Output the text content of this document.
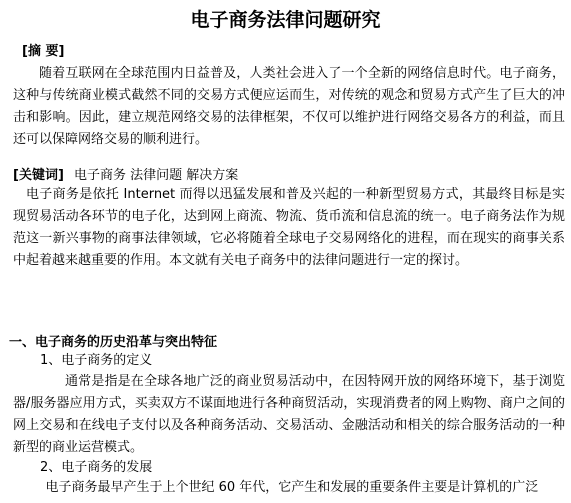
电子商务法律问题研究
[摘 要]
随着互联网在全球范围内日益普及，人类社会进入了一个全新的网络信息时代。电子商务，这种与传统商业模式截然不同的交易方式便应运而生，对传统的观念和贸易方式产生了巨大的冲击和影响。因此，建立规范网络交易的法律框架，不仅可以维护进行网络交易各方的利益，而且还可以保障网络交易的顺利进行。
[关键词] 电子商务 法律问题 解决方案
电子商务是依托 Internet 而得以迅猛发展和普及兴起的一种新型贸易方式，其最终目标是实现贸易活动各环节的电子化，达到网上商流、物流、货币流和信息流的统一。电子商务法作为规范这一新兴事物的商事法律领域，它必将随着全球电子交易网络化的进程，而在现实的商事关系中起着越来越重要的作用。本文就有关电子商务中的法律问题进行一定的探讨。
一、电子商务的历史沿革与突出特征
1、电子商务的定义
通常是指是在全球各地广泛的商业贸易活动中，在因特网开放的网络环境下，基于浏览器/服务器应用方式，买卖双方不谋面地进行各种商贸活动，实现消费者的网上购物、商户之间的网上交易和在线电子支付以及各种商务活动、交易活动、金融活动和相关的综合服务活动的一种新型的商业运营模式。
2、电子商务的发展
电子商务最早产生于上个世纪 60 年代，它产生和发展的重要条件主要是计算机的广泛
